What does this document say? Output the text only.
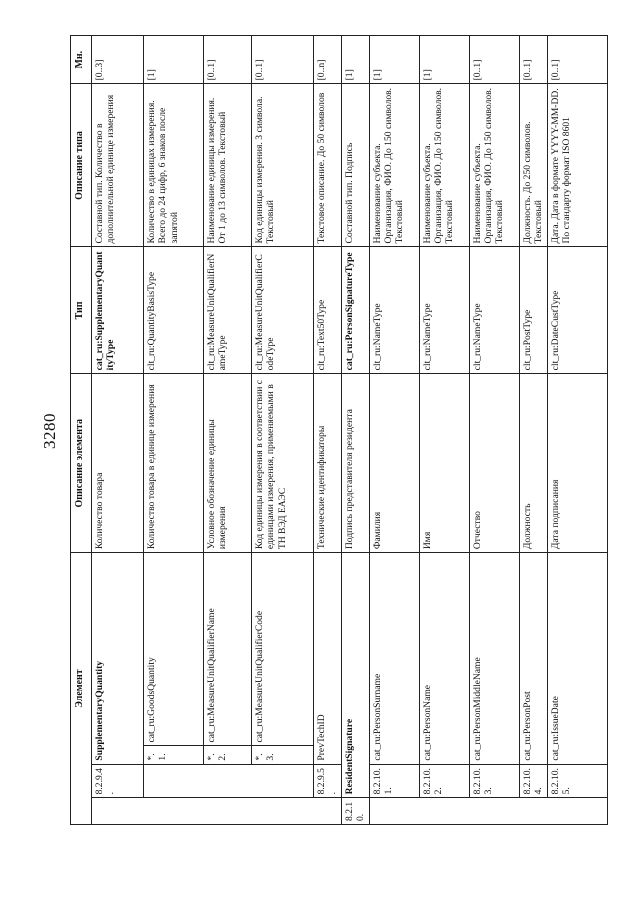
3280
Элемент				Описание элемента	Тип	Описание типа	Мн.
	8.2.9.4.	SupplementaryQuantity		Количество товара	cat_ru:SupplementaryQuantityType	Составной тип. Количество в дополнительной единице измерения	[0..3]
		*.1.	cat_ru:GoodsQuantity	Количество товара в единице измерения	clt_ru:QuantityBasisType	Количество в единицах измерения. Всего до 24 цифр, 6 знаков после запятой	[1]
		*.2.	cat_ru:MeasureUnitQualifierName	Условное обозначение единицы измерения	clt_ru:MeasureUnitQualifierNameType	Наименование единицы измерения. От 1 до 13 символов. Текстовый	[0..1]
		*.3.	cat_ru:MeasureUnitQualifierCode	Код единицы измерения в соответствии с единицами измерения, применяемыми в ТН ВЭД ЕАЭС	clt_ru:MeasureUnitQualifierCodeType	Код единицы измерения. 3 символа. Текстовый	[0..1]
	8.2.9.5.	PrevTechID		Технические идентификаторы	clt_ru:Text50Type	Текстовое описание. До 50 символов	[0..n]
8.2.10.	ResidentSignature			Подпись представителя резидента	cat_ru:PersonSignatureType	Составной тип. Подпись	[1]
	8.2.10.1.	cat_ru:PersonSurname		Фамилия	clt_ru:NameType	Наименование субъекта. Организация, ФИО. До 150 символов. Текстовый	[1]
	8.2.10.2.	cat_ru:PersonName		Имя	clt_ru:NameType	Наименование субъекта. Организация, ФИО. До 150 символов. Текстовый	[1]
	8.2.10.3.	cat_ru:PersonMiddleName		Отчество	clt_ru:NameType	Наименование субъекта. Организация, ФИО. До 150 символов. Текстовый	[0..1]
	8.2.10.4.	cat_ru:PersonPost		Должность	clt_ru:PostType	Должность. До 250 символов. Текстовый	[0..1]
	8.2.10.5.	cat_ru:IssueDate		Дата подписания	clt_ru:DateCustType	Дата. Дата в формате YYYY-MM-DD. По стандарту формат ISO 8601	[0..1]
